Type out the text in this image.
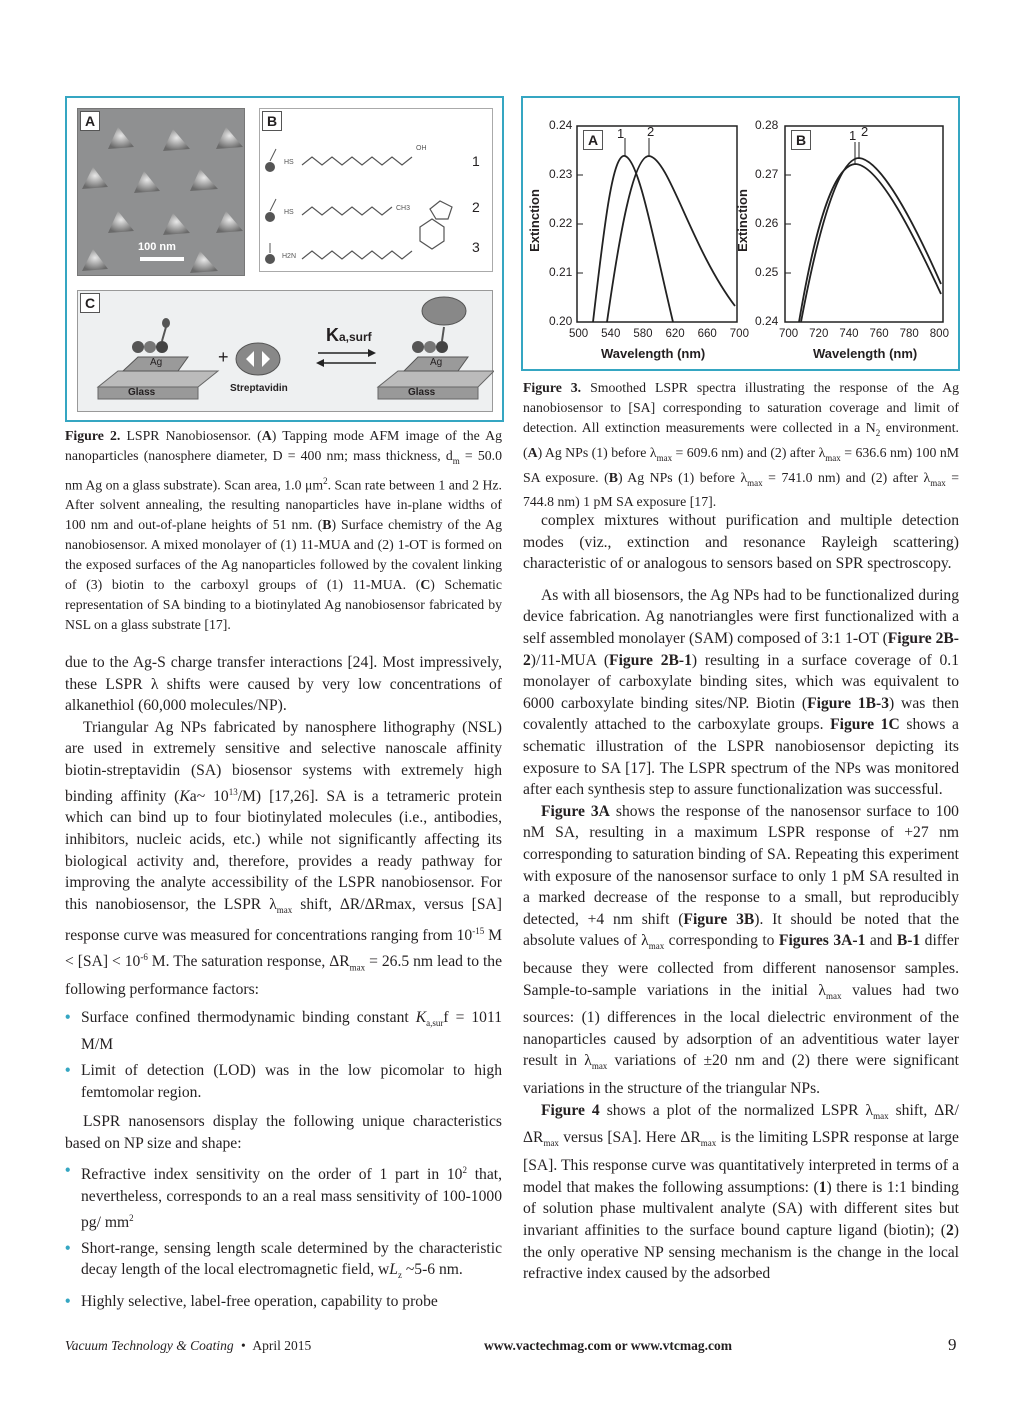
100 nm
A	B
HS
OH
1
HS
CH3	2
H2N
3
C
Ag
Glass
+
Streptavidin
Ka,surf
Ag
Glass
Figure 2. LSPR Nanobiosensor. (A) Tapping mode AFM image of the Ag nanoparticles (nanosphere diameter, D = 400 nm; mass thickness, $d_m = 50.0$ nm Ag on a glass substrate). Scan area, 1.0 $\mu m^2$. Scan rate between 1 and 2 Hz. After solvent annealing, the resulting nanoparticles have in-plane widths of 100 nm and out-of-plane heights of 51 nm. (B) Surface chemistry of the Ag nanobiosensor. A mixed monolayer of (1) 11-MUA and (2) 1-OT is formed on the exposed surfaces of the Ag nanoparticles followed by the covalent linking of (3) biotin to the carboxyl groups of (1) 11-MUA. (C) Schematic representation of SA binding to a biotinylated Ag nanobiosensor fabricated by NSL on a glass substrate [17].
A	B
1 2	1 2
0.24
0.23
0.22
0.21
0.20
Extinction
0.28
0.27
0.26
0.25
0.24
Extinction
500 540 580 620 660 700	700 720 740 760 780 800
Wavelength (nm)	Wavelength (nm)
Figure 3. Smoothed LSPR spectra illustrating the response of the Ag nanobiosensor to [SA] corresponding to saturation coverage and limit of detection. All extinction measurements were collected in a $N_2$ environment. (A) Ag NPs (1) before $\lambda_{max} = 609.6$ nm) and (2) after $\lambda_{max} = 636.6$ nm) 100 nM SA exposure. (B) Ag NPs (1) before $\lambda_{max} = 741.0$ nm) and (2) after $\lambda_{max} = 744.8$ nm) 1 pM SA exposure [17].

due to the Ag-S charge transfer interactions [24]. Most impressively, these LSPR λ shifts were caused by very low concentrations of alkanethiol (60,000 molecules/NP).

Triangular Ag NPs fabricated by nanosphere lithography (NSL) are used in extremely sensitive and selective nanoscale affinity biotin-streptavidin (SA) biosensor systems with extremely high binding affinity (Ka~ $10^{13}/M$) [17,26]. SA is a tetrameric protein which can bind up to four biotinylated molecules (i.e., antibodies, inhibitors, nucleic acids, etc.) while not significantly affecting its biological activity and, therefore, provides a ready pathway for improving the analyte accessibility of the LSPR nanobiosensor. For this nanobiosensor, the LSPR $\lambda_{max}$ shift, ΔR/ΔRmax, versus [SA] response curve was measured for concentrations ranging from $10^{-15}$ $M < [SA] < 10^{-6}$ M. The saturation response, $\Delta R_{max} = 26.5$ nm lead to the following performance factors:

• Surface confined thermodynamic binding constant $K_{a,sur}f = 1011$ M/M
• Limit of detection (LOD) was in the low picomolar to high femtomolar region.

LSPR nanosensors display the following unique characteristics based on NP size and shape:

• Refractive index sensitivity on the order of 1 part in $10^2$ that, nevertheless, corresponds to an a real mass sensitivity of 100-1000 pg/ $mm^2$
• Short-range, sensing length scale determined by the characteristic decay length of the local electromagnetic field, $wL_z$ ~5-6 nm.
• Highly selective, label-free operation, capability to probe

complex mixtures without purification and multiple detection modes (viz., extinction and resonance Rayleigh scattering) characteristic of or analogous to sensors based on SPR spectroscopy.

As with all biosensors, the Ag NPs had to be functionalized during device fabrication. Ag nanotriangles were first functionalized with a self assembled monolayer (SAM) composed of 3:1 1-OT (Figure 2B-2)/11-MUA (Figure 2B-1) resulting in a surface coverage of 0.1 monolayer of carboxylate binding sites, which was equivalent to 6000 carboxylate binding sites/NP. Biotin (Figure 1B-3) was then covalently attached to the carboxylate groups. Figure 1C shows a schematic illustration of the LSPR nanobiosensor depicting its exposure to SA [17]. The LSPR spectrum of the NPs was monitored after each synthesis step to assure functionalization was successful.

Figure 3A shows the response of the nanosensor surface to 100 nM SA, resulting in a maximum LSPR response of +27 nm corresponding to saturation binding of SA. Repeating this experiment with exposure of the nanosensor surface to only 1 pM SA resulted in a marked decrease of the response to a small, but reproducibly detected, +4 nm shift (Figure 3B). It should be noted that the absolute values of $\lambda_{max}$ corresponding to Figures 3A-1 and B-1 differ because they were collected from different nanosensor samples. Sample-to-sample variations in the initial $\lambda_{max}$ values had two sources: (1) differences in the local dielectric environment of the nanoparticles caused by adsorption of an adventitious water layer result in $\lambda_{max}$ variations of ±20 nm and (2) there were significant variations in the structure of the triangular NPs.

Figure 4 shows a plot of the normalized LSPR $\lambda_{max}$ shift, $\Delta R/\Delta R_{max}$ versus [SA]. Here $\Delta R_{max}$ is the limiting LSPR response at large [SA]. This response curve was quantitatively interpreted in terms of a model that makes the following assumptions: (1) there is 1:1 binding of solution phase multivalent analyte (SA) with different sites but invariant affinities to the surface bound capture ligand (biotin); (2) the only operative NP sensing mechanism is the change in the local refractive index caused by the adsorbed

Vacuum Technology & Coating • April 2015	www.vactechmag.com or www.vtcmag.com	9
